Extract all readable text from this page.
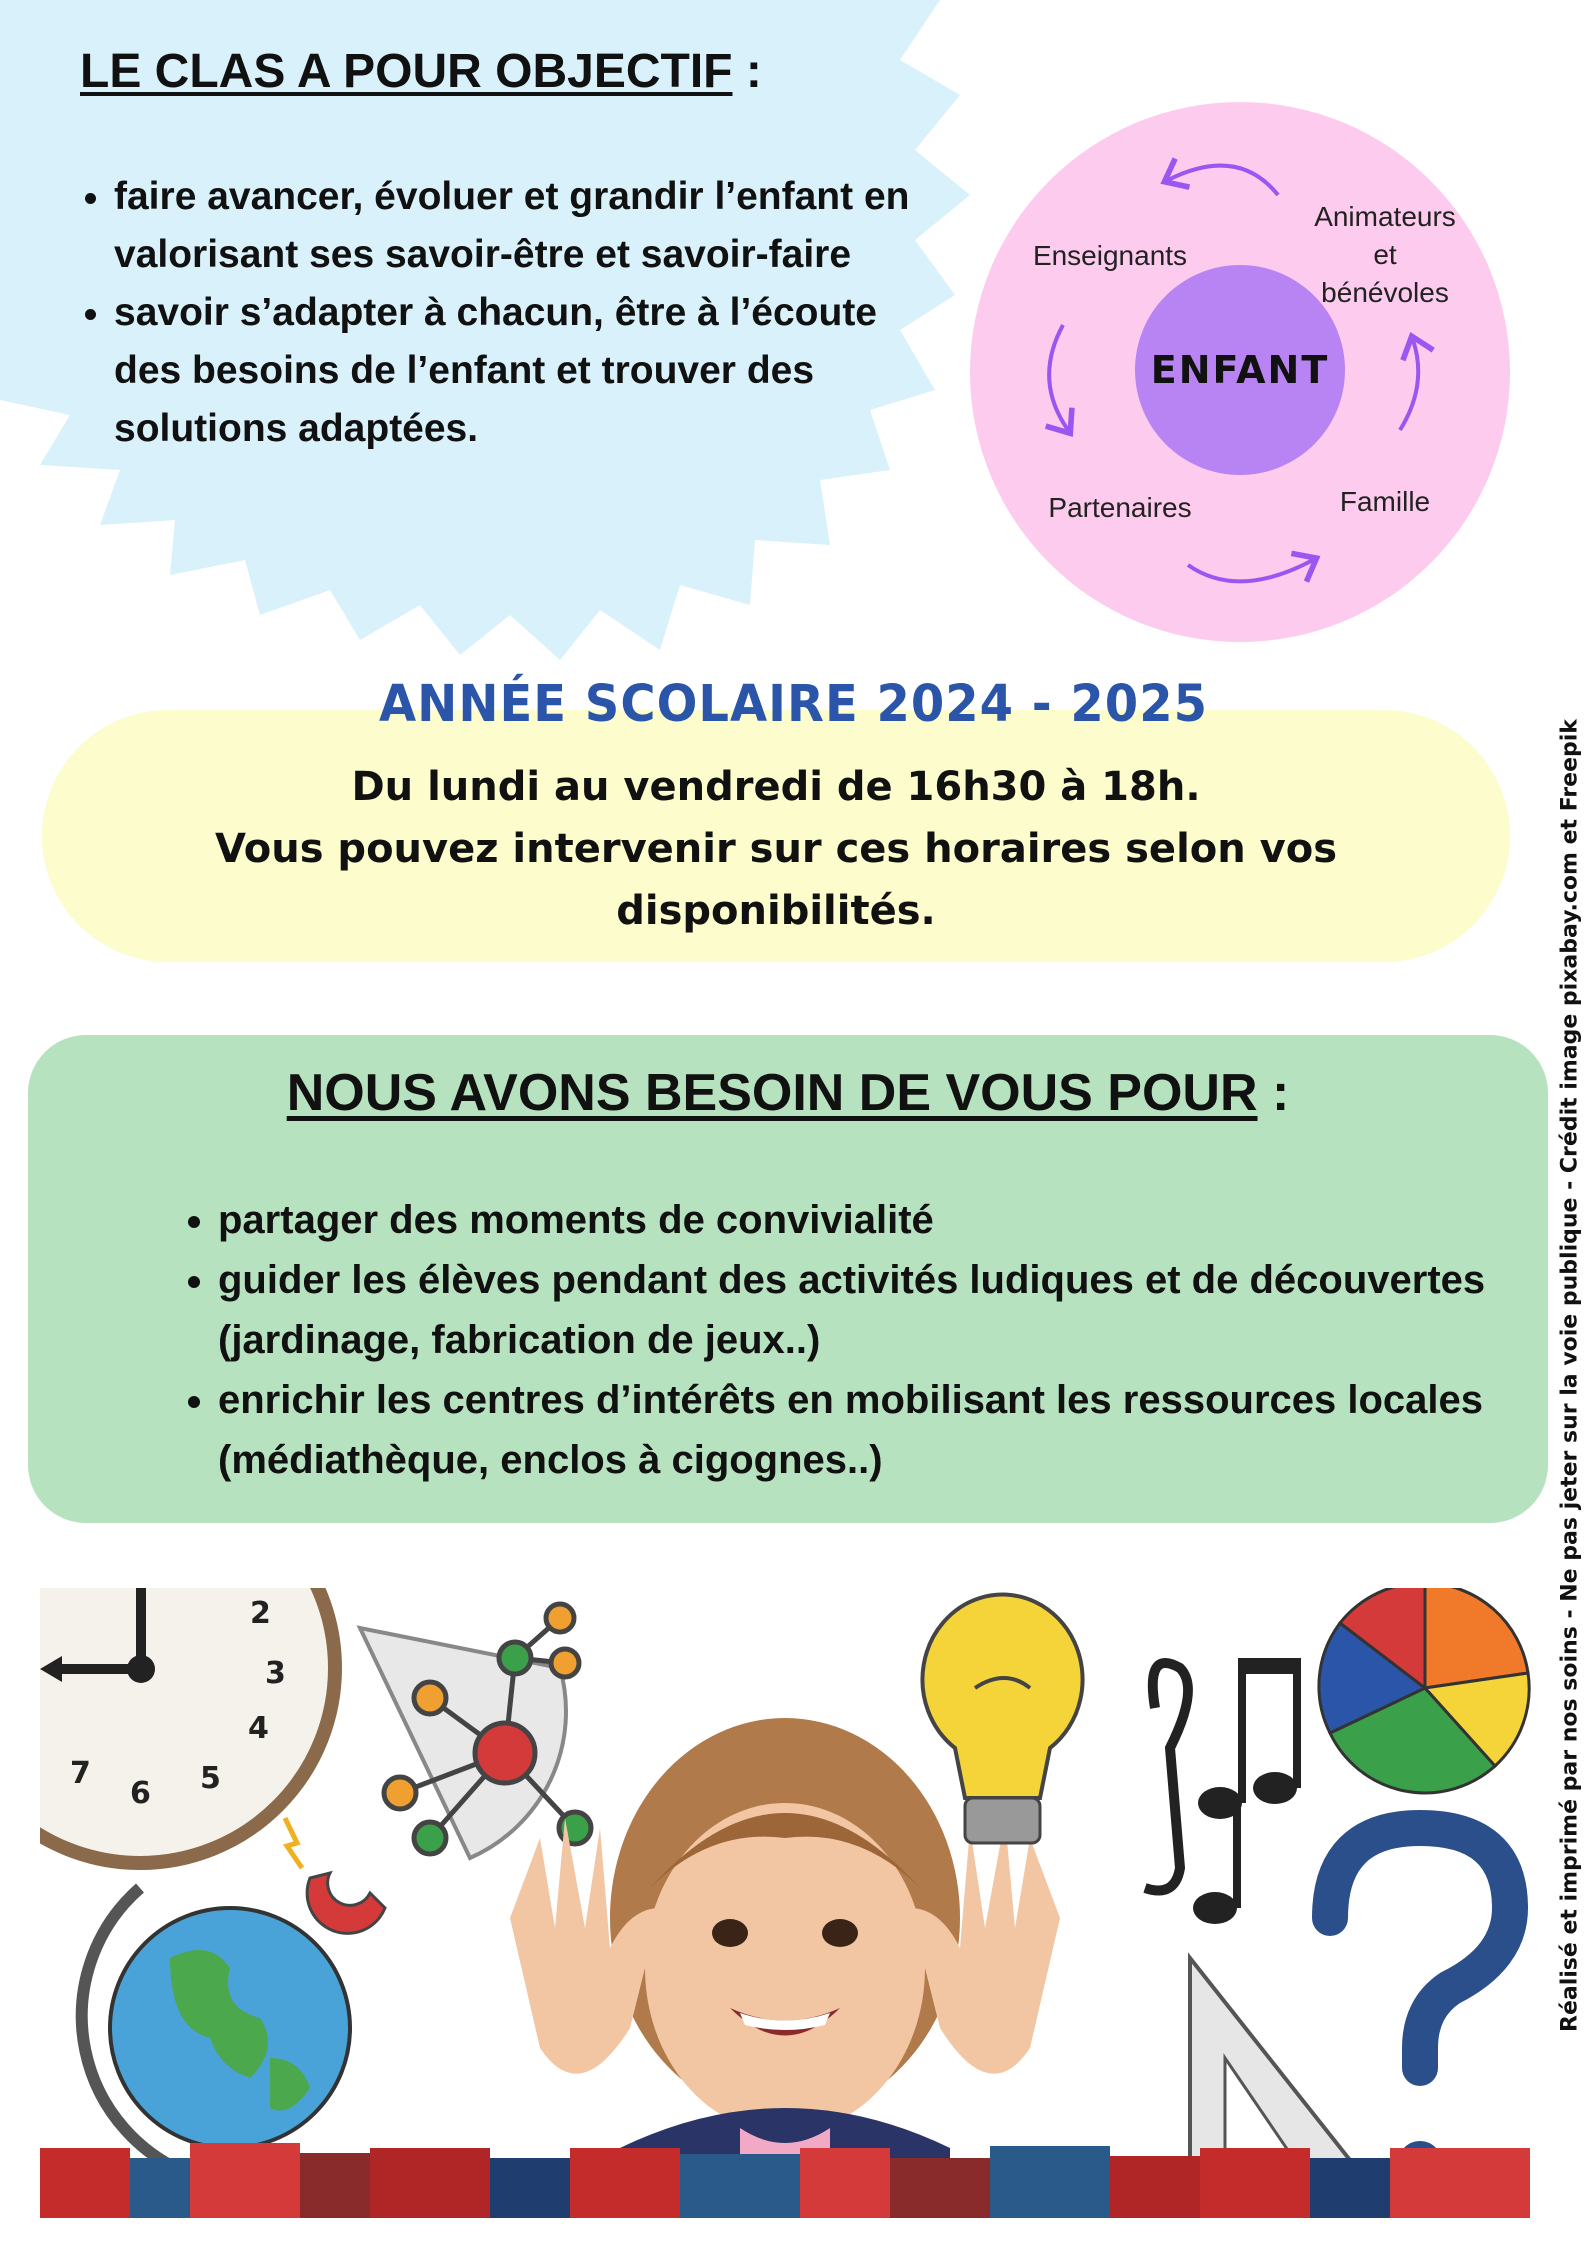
LE CLAS A POUR OBJECTIF :
• faire avancer, évoluer et grandir l’enfant en valorisant ses savoir-être et savoir-faire
• savoir s’adapter à chacun, être à l’écoute des besoins de l’enfant et trouver des solutions adaptées.
ENFANT
Enseignants
Animateurs
et
bénévoles
Partenaires	Famille
ANNÉE SCOLAIRE 2024 - 2025
Du lundi au vendredi de 16h30 à 18h.
Vous pouvez intervenir sur ces horaires selon vos
disponibilités.
NOUS AVONS BESOIN DE VOUS POUR :
• partager des moments de convivialité
• guider les élèves pendant des activités ludiques et de découvertes (jardinage, fabrication de jeux..)
• enrichir les centres d’intérêts en mobilisant les ressources locales (médiathèque, enclos à cigognes..)
2
3
4
5
6
7	Réalisé et imprimé par nos soins - Ne pas jeter sur la voie publique - Crédit image pixabay.com et Freepik
